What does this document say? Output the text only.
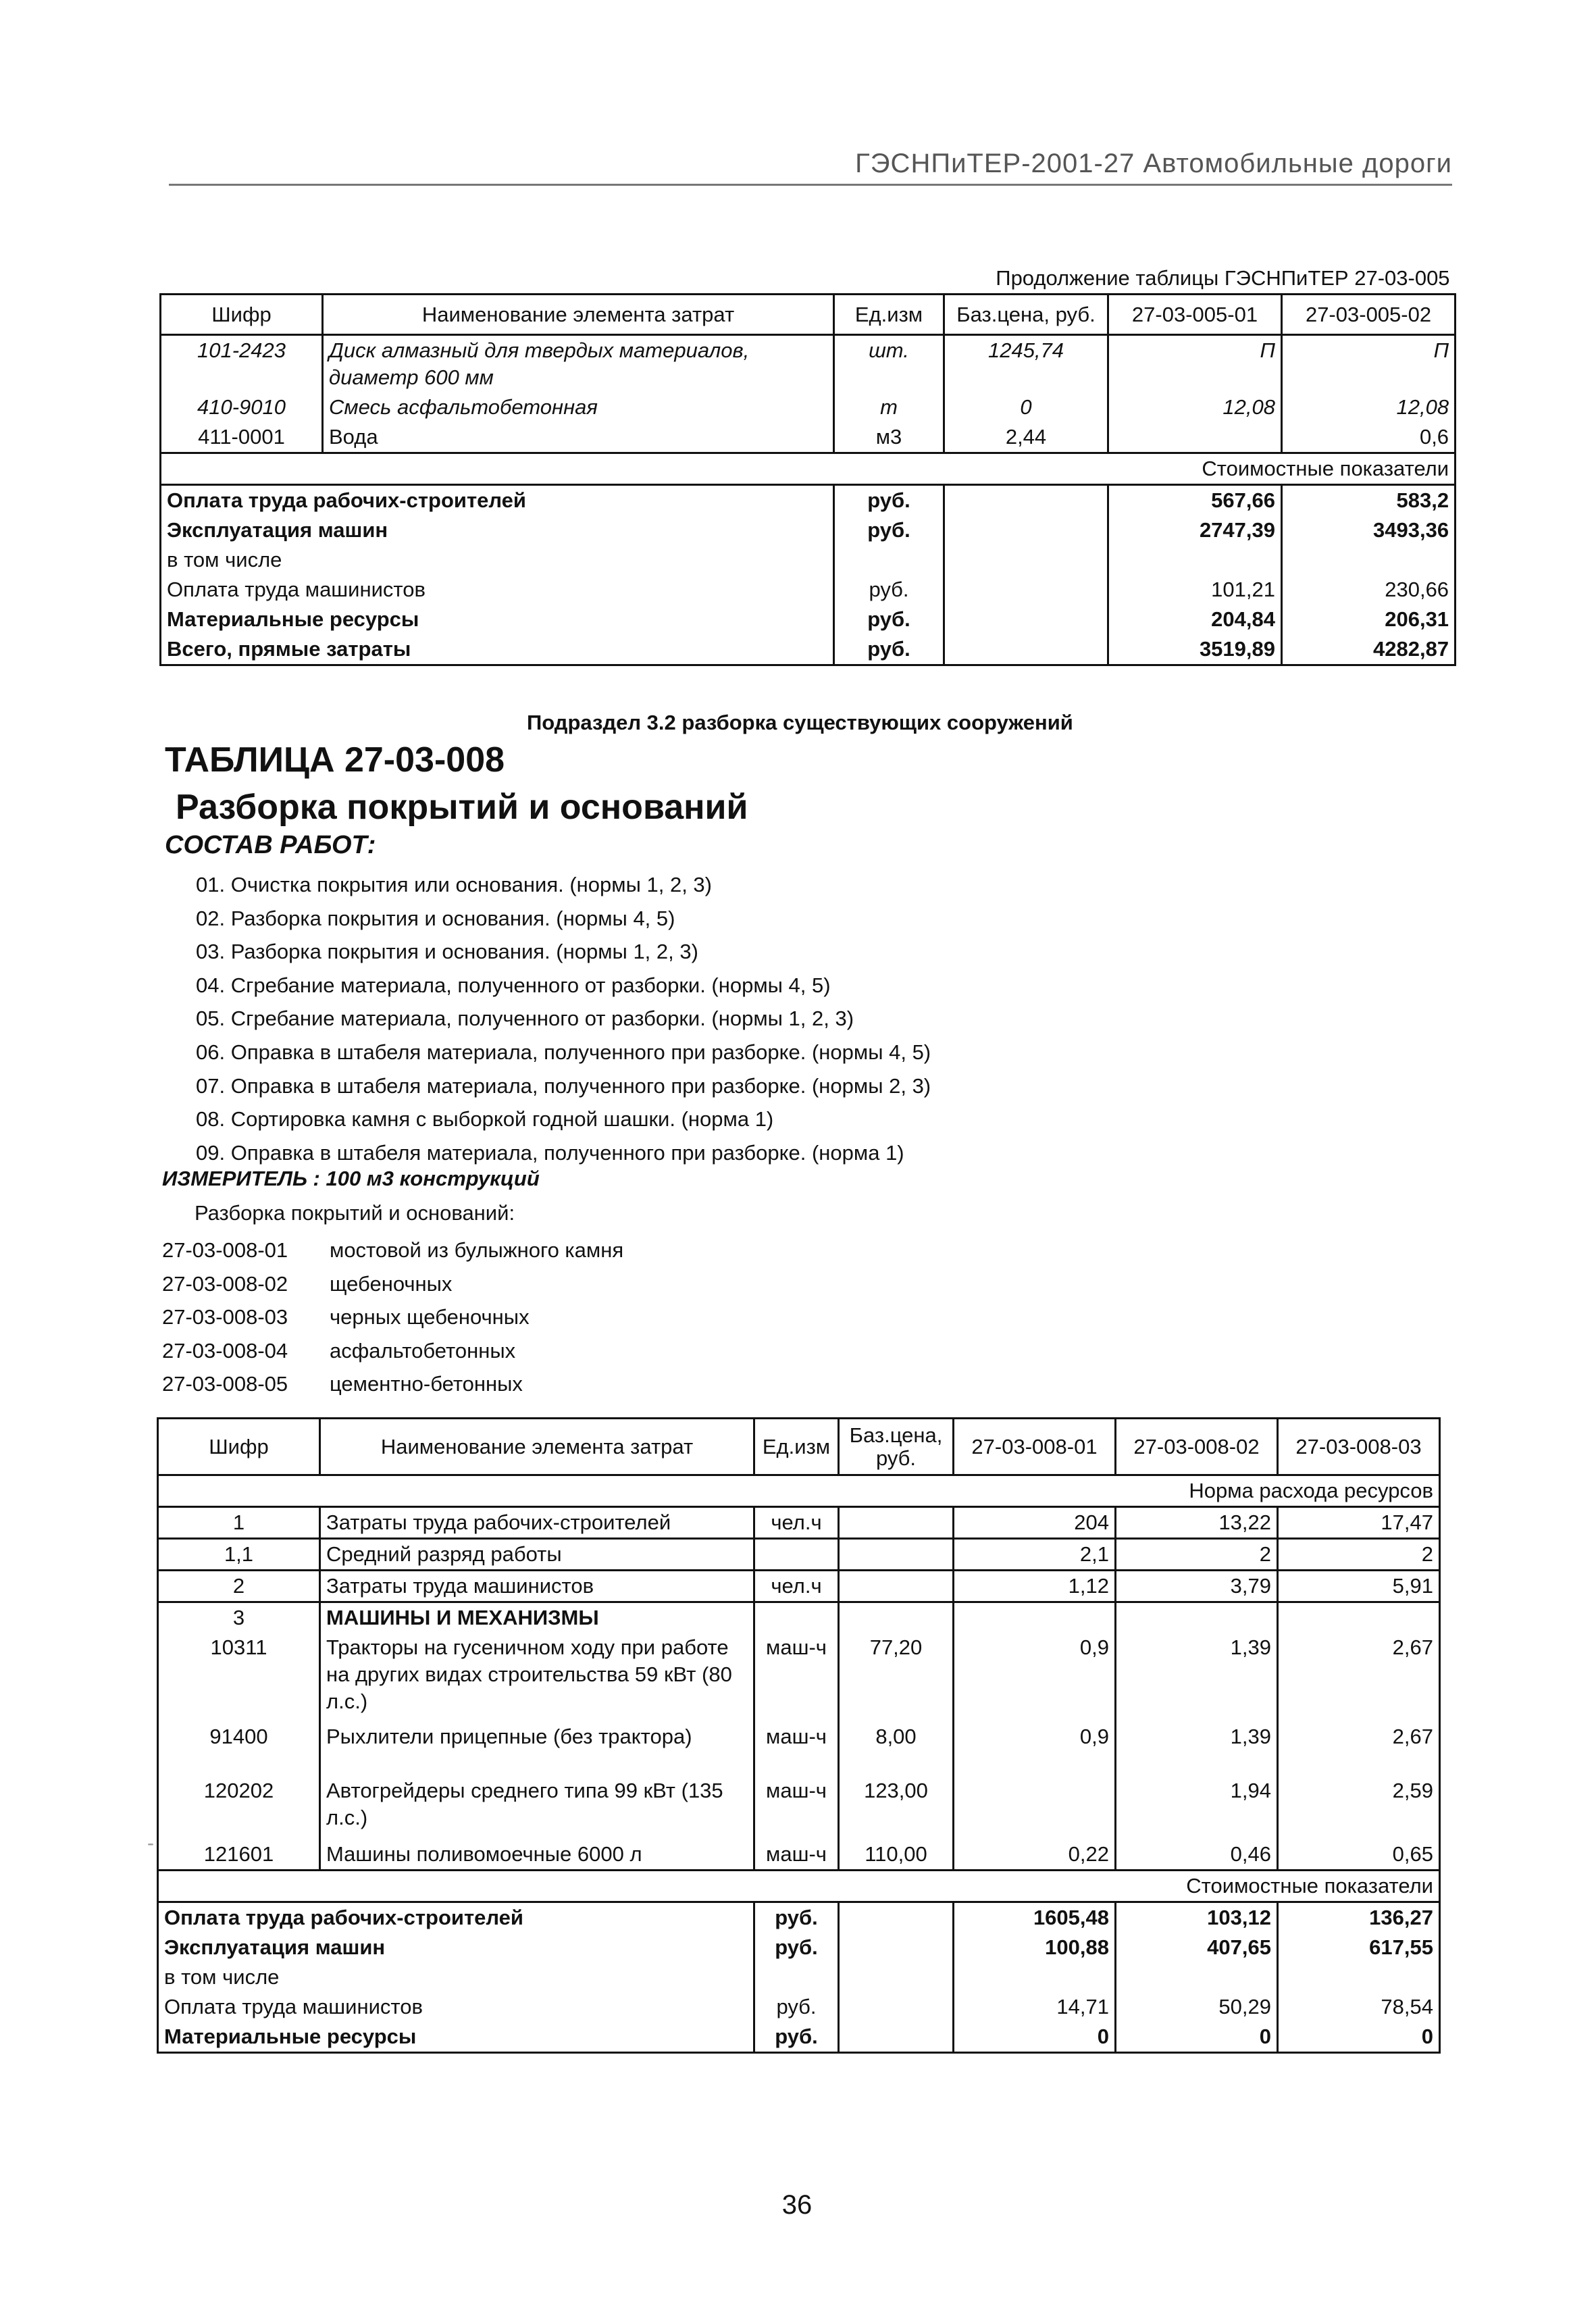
ГЭСНПиТЕР-2001-27 Автомобильные дороги
Продолжение таблицы ГЭСНПиТЕР 27-03-005					
Шифр	Наименование элемента затрат	Ед.изм	Баз.цена, руб.	27-03-005-01	27-03-005-02
101-2423	Диск алмазный для твердых материалов, диаметр 600 мм	шт.	1245,74	П	П
410-9010	Смесь асфальтобетонная	т	0	12,08	12,08
411-0001	Вода	м3	2,44		0,6
Стоимостные показатели					
Оплата труда рабочих-строителей		руб.		567,66	583,2
Эксплуатация машин		руб.		2747,39	3493,36
в том числе					
Оплата труда машинистов		руб.		101,21	230,66
Материальные ресурсы		руб.		204,84	206,31
Всего, прямые затраты		руб.		3519,89	4282,87
Подраздел 3.2 разборка существующих сооружений
ТАБЛИЦА 27-03-008
Разборка покрытий и оснований
СОСТАВ РАБОТ:
01. Очистка покрытия или основания. (нормы 1, 2, 3)
02. Разборка покрытия и основания. (нормы 4, 5)
03. Разборка покрытия и основания. (нормы 1, 2, 3)
04. Сгребание материала, полученного от разборки. (нормы 4, 5)
05. Сгребание материала, полученного от разборки. (нормы 1, 2, 3)
06. Оправка в штабеля материала, полученного при разборке. (нормы 4, 5)
07. Оправка в штабеля материала, полученного при разборке. (нормы 2, 3)
08. Сортировка камня с выборкой годной шашки. (норма 1)
09. Оправка в штабеля материала, полученного при разборке. (норма 1)
ИЗМЕРИТЕЛЬ : 100 м3 конструкций
Разборка покрытий и оснований:
27-03-008-01 мостовой из булыжного камня
27-03-008-02 щебеночных
27-03-008-03 черных щебеночных
27-03-008-04 асфальтобетонных
27-03-008-05 цементно-бетонных
Шифр	Наименование элемента затрат	Ед.изм	Баз.цена, руб.	27-03-008-01	27-03-008-02	27-03-008-03
Норма расхода ресурсов						
1	Затраты труда рабочих-строителей	чел.ч		204	13,22	17,47
1,1	Средний разряд работы			2,1	2	2
2	Затраты труда машинистов	чел.ч		1,12	3,79	5,91
3	МАШИНЫ И МЕХАНИЗМЫ					
10311	Тракторы на гусеничном ходу при работе на других видах строительства 59 кВт (80 л.с.)	маш-ч	77,20	0,9	1,39	2,67
91400	Рыхлители прицепные (без трактора)	маш-ч	8,00	0,9	1,39	2,67
120202	Автогрейдеры среднего типа 99 кВт (135 л.с.)	маш-ч	123,00		1,94	2,59
121601	Машины поливомоечные 6000 л	маш-ч	110,00	0,22	0,46	0,65
Стоимостные показатели						
Оплата труда рабочих-строителей		руб.		1605,48	103,12	136,27
Эксплуатация машин		руб.		100,88	407,65	617,55
в том числе						
Оплата труда машинистов		руб.		14,71	50,29	78,54
Материальные ресурсы		руб.		0	0	0
-
36
